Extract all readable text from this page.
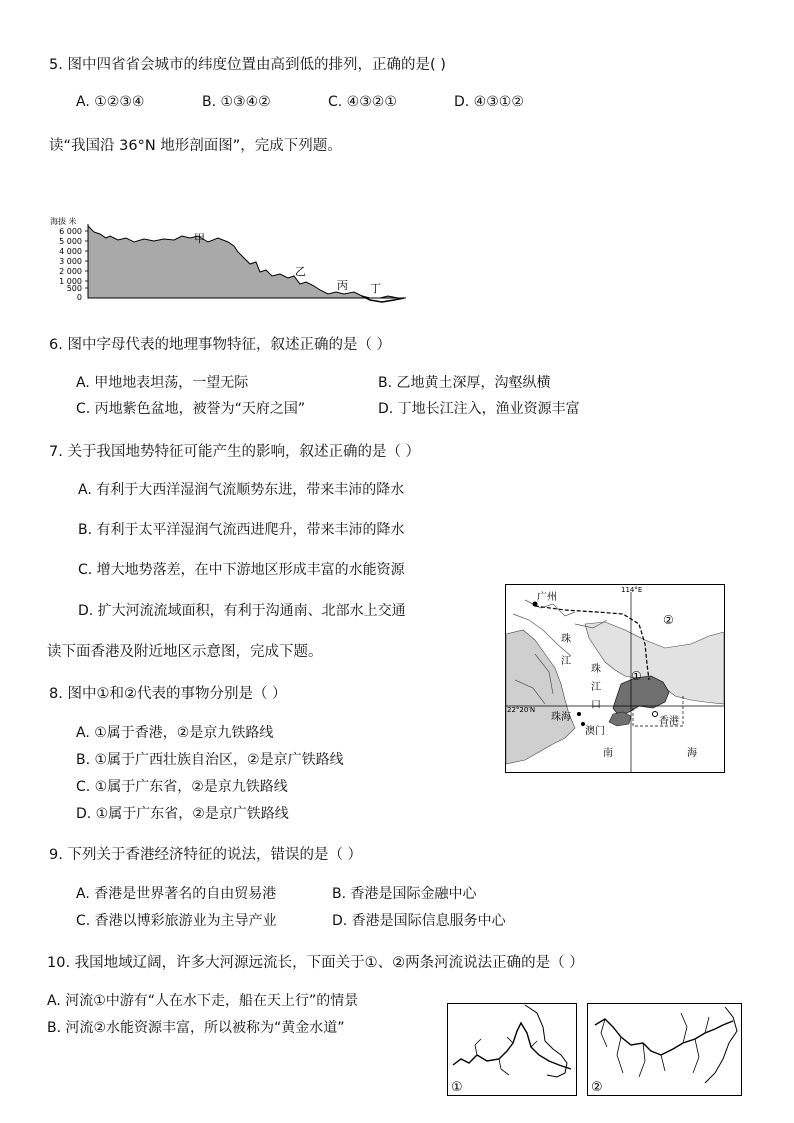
5. 图中四省省会城市的纬度位置由高到低的排列，正确的是( )
A. ①②③④	B. ①③④②	C. ④③②①	D. ④③①②
读“我国沿 36°N 地形剖面图”，完成下列题。
海拔 米
6 000
5 000
4 000
3 000
2 000
1 000
500
0
甲
乙
丙 丁
6. 图中字母代表的地理事物特征，叙述正确的是（ ）
A. 甲地地表坦荡，一望无际	B. 乙地黄土深厚，沟壑纵横
C. 丙地紫色盆地，被誉为“天府之国”	D. 丁地长江注入，渔业资源丰富
7. 关于我国地势特征可能产生的影响，叙述正确的是（ ）
A. 有利于大西洋湿润气流顺势东进，带来丰沛的降水
B. 有利于太平洋湿润气流西进爬升，带来丰沛的降水
C. 增大地势落差，在中下游地区形成丰富的水能资源
D. 扩大河流流域面积，有利于沟通南、北部水上交通
读下面香港及附近地区示意图，完成下题。
广州
114°E
②
珠
江
珠
江
口
①
22°20′N
珠海
澳门
香港
南	海
8. 图中①和②代表的事物分别是（ ）
A. ①属于香港，②是京九铁路线
B. ①属于广西壮族自治区，②是京广铁路线
C. ①属于广东省，②是京九铁路线
D. ①属于广东省，②是京广铁路线
9. 下列关于香港经济特征的说法，错误的是（ ）
A. 香港是世界著名的自由贸易港	B. 香港是国际金融中心
C. 香港以博彩旅游业为主导产业	D. 香港是国际信息服务中心
10. 我国地域辽阔，许多大河源远流长，下面关于①、②两条河流说法正确的是（ ）
A. 河流①中游有“人在水下走，船在天上行”的情景
B. 河流②水能资源丰富，所以被称为“黄金水道”
①	②
